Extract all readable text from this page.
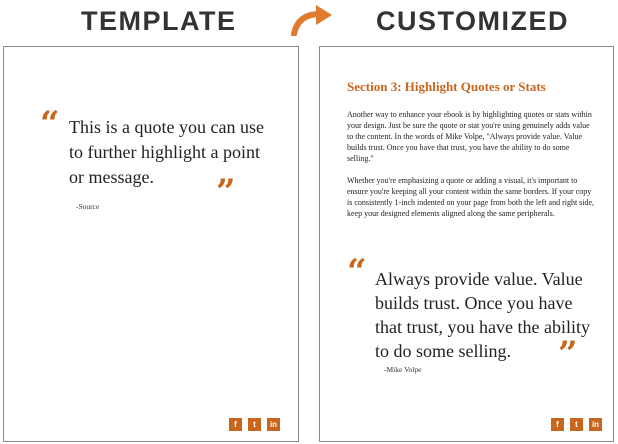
TEMPLATE	CUSTOMIZED
“ This is a quote you can use to further highlight a point or message.	”
-Source
f	t	in
Section 3: Highlight Quotes or Stats
Another way to enhance your ebook is by highlighting quotes or stats within your design. Just be sure the quote or stat you're using genuinely adds value to the content. In the words of Mike Volpe, "Always provide value. Value builds trust. Once you have that trust, you have the ability to do some selling."
Whether you're emphasizing a quote or adding a visual, it's important to ensure you're keeping all your content within the same borders. If your copy is consistently 1-inch indented on your page from both the left and right side, keep your designed elements aligned along the same peripherals.
“ Always provide value. Value builds trust. Once you have that trust, you have the ability to do some selling.	”
-Mike Volpe
f	t	in
